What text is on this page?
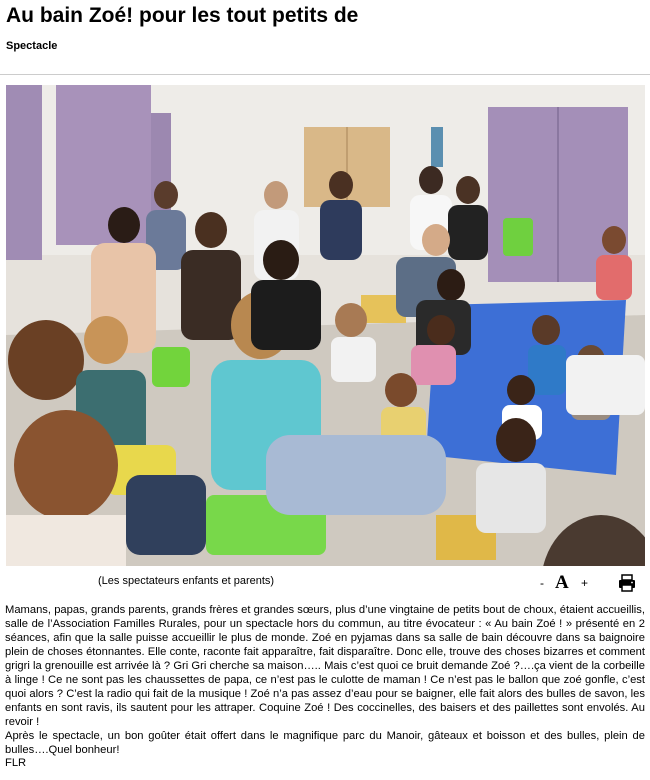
Au bain Zoé! pour les tout petits de
Spectacle
(Les spectateurs enfants et parents)	- A +

Mamans, papas, grands parents, grands frères et grandes sœurs, plus d’une vingtaine de petits bout de choux, étaient accueillis, salle de l’Association Familles Rurales, pour un spectacle hors du commun, au titre évocateur : « Au bain Zoé ! » présenté en 2 séances, afin que la salle puisse accueillir le plus de monde. Zoé en pyjamas dans sa salle de bain découvre dans sa baignoire plein de choses étonnantes. Elle conte, raconte fait apparaître, fait disparaître. Donc elle, trouve des choses bizarres et comment grigri la grenouille est arrivée là ? Gri Gri cherche sa maison….. Mais c’est quoi ce bruit demande Zoé ?….ça vient de la corbeille à linge ! Ce ne sont pas les chaussettes de papa, ce n’est pas le culotte de maman ! Ce n’est pas le ballon que zoé gonfle, c’est quoi alors ? C’est la radio qui fait de la musique ! Zoé n’a pas assez d’eau pour se baigner, elle fait alors des bulles de savon, les enfants en sont ravis, ils sautent pour les attraper. Coquine Zoé ! Des coccinelles, des baisers et des paillettes sont envolés. Au revoir !

Après le spectacle, un bon goûter était offert dans le magnifique parc du Manoir, gâteaux et boisson et des bulles, plein de bulles….Quel bonheur!

FLR
